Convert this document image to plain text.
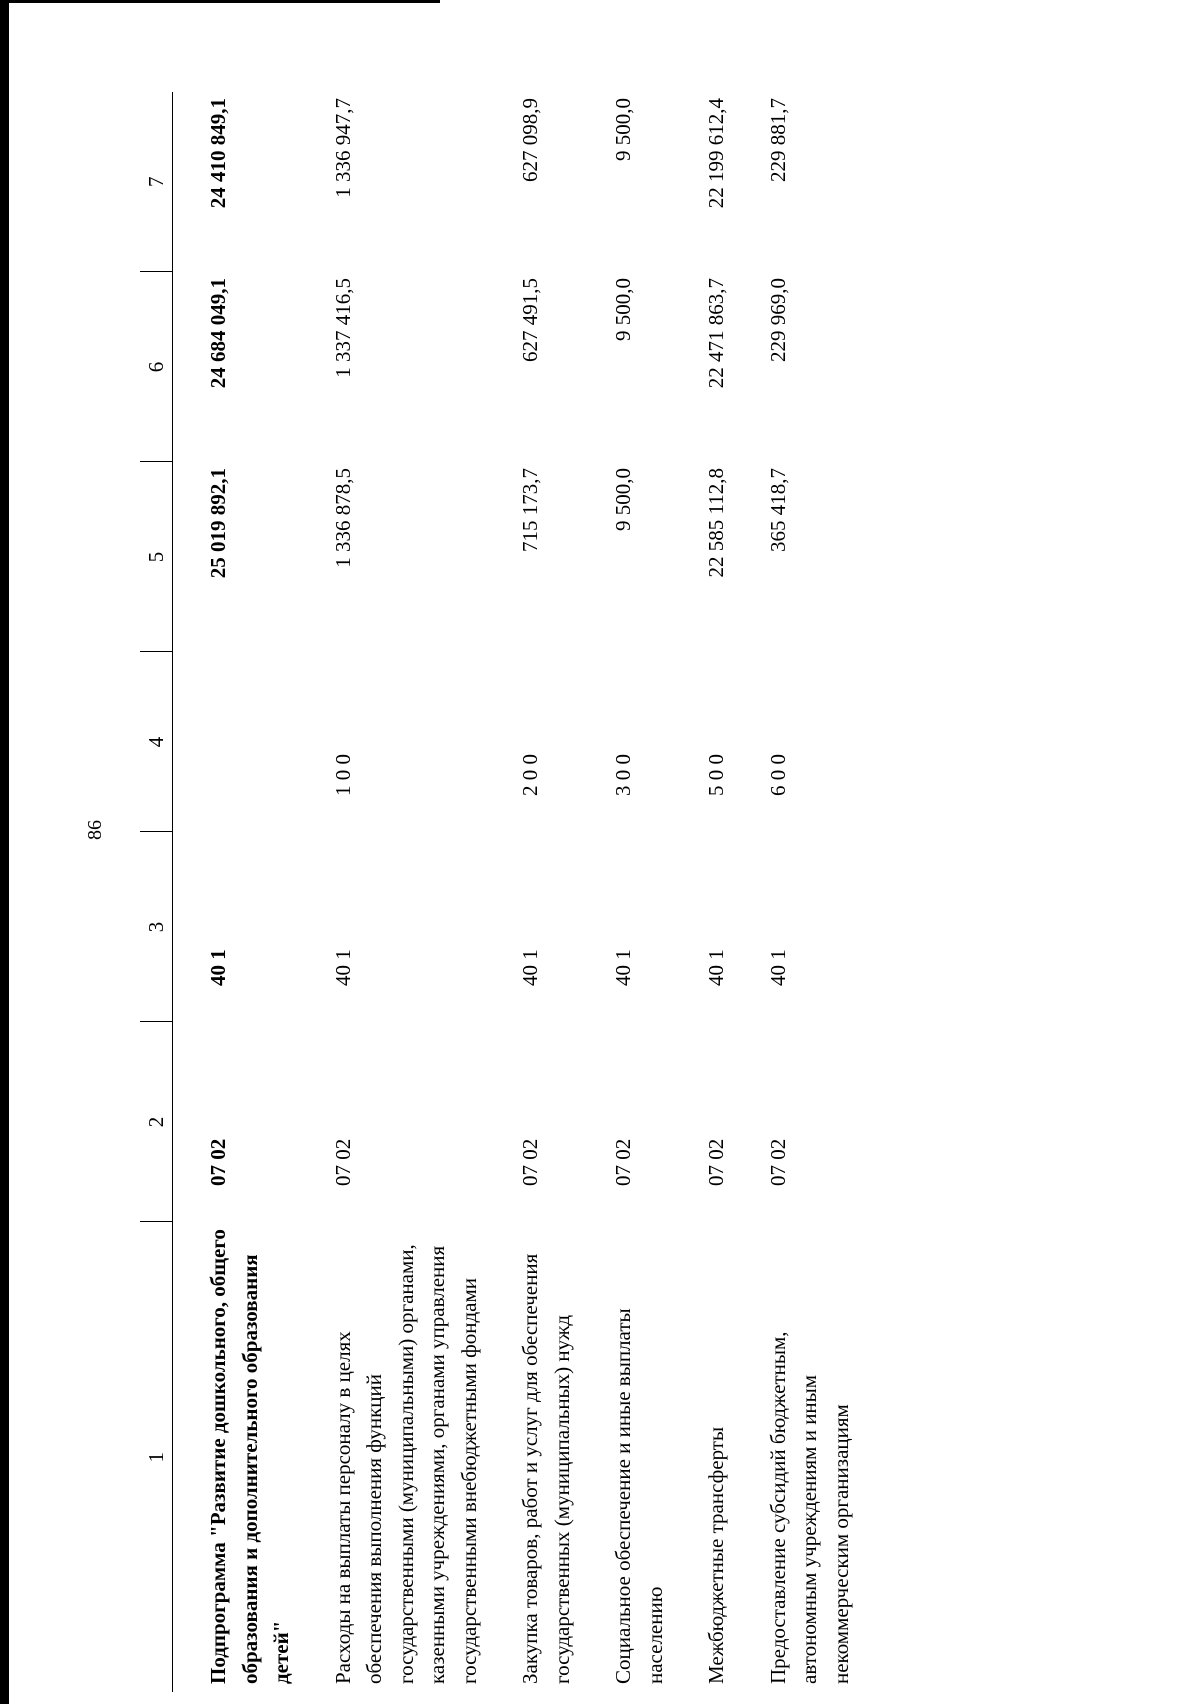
86
1	2	3	4	5	6	7
Подпрограмма "Развитие дошкольного, общего образования и дополнительного образования детей"	07 02	40 1		25 019 892,1	24 684 049,1	24 410 849,1
Расходы на выплаты персоналу в целях обеспечения выполнения функций государственными (муниципальными) органами, казенными учреждениями, органами управления государственными внебюджетными фондами	07 02	40 1	1 0 0	1 336 878,5	1 337 416,5	1 336 947,7
Закупка товаров, работ и услуг для обеспечения государственных (муниципальных) нужд	07 02	40 1	2 0 0	715 173,7	627 491,5	627 098,9
Социальное обеспечение и иные выплаты населению	07 02	40 1	3 0 0	9 500,0	9 500,0	9 500,0
Межбюджетные трансферты	07 02	40 1	5 0 0	22 585 112,8	22 471 863,7	22 199 612,4
Предоставление субсидий бюджетным, автономным учреждениям и иным некоммерческим организациям	07 02	40 1	6 0 0	365 418,7	229 969,0	229 881,7
